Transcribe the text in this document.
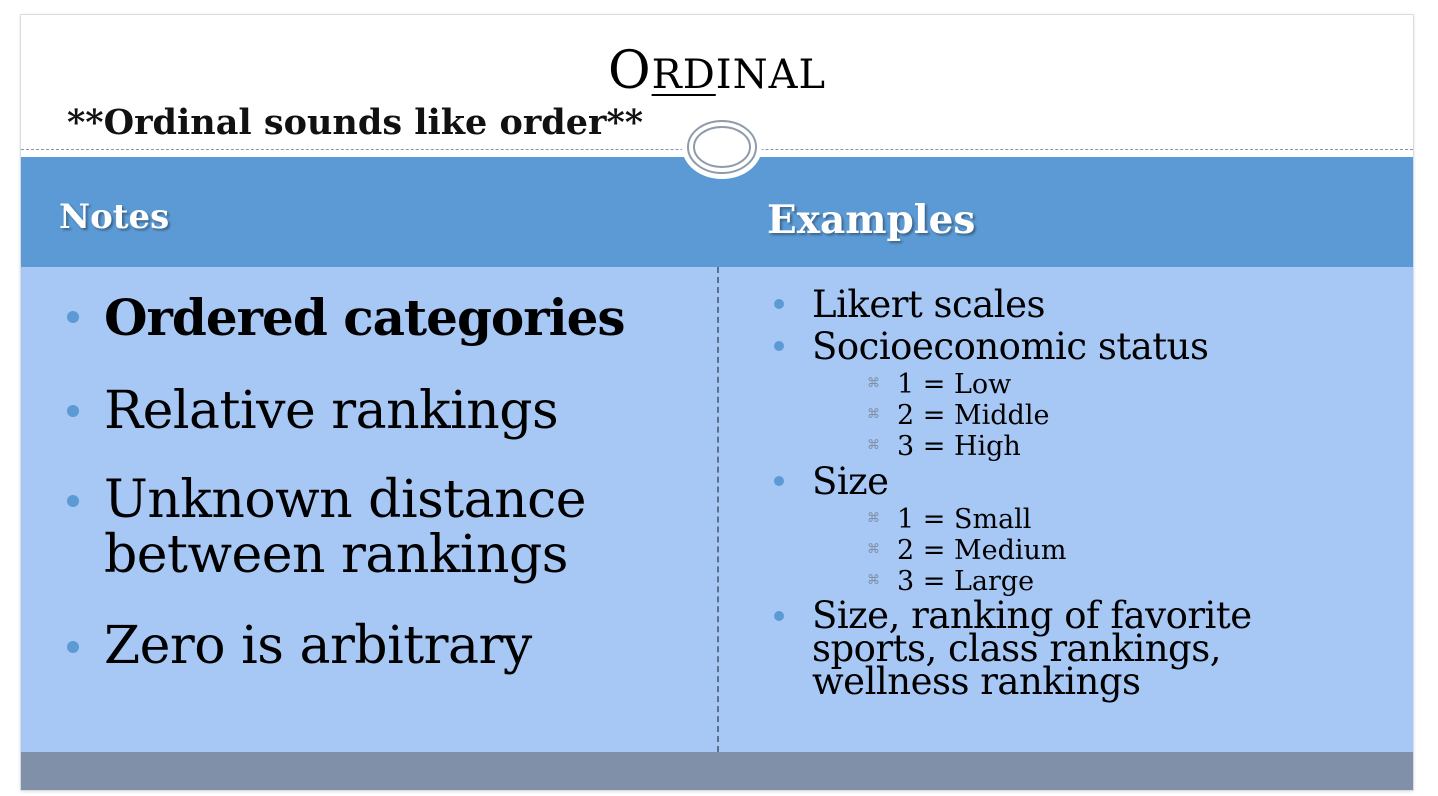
ORDINAL
**Ordinal sounds like order**
Notes	Examples
Ordered categories
Relative rankings
Unknown distance between rankings
Zero is arbitrary
Likert scales
Socioeconomic status
⌘ 1 = Low
⌘ 2 = Middle
⌘ 3 = High
Size
⌘ 1 = Small
⌘ 2 = Medium
⌘ 3 = Large
Size, ranking of favorite sports, class rankings, wellness rankings
